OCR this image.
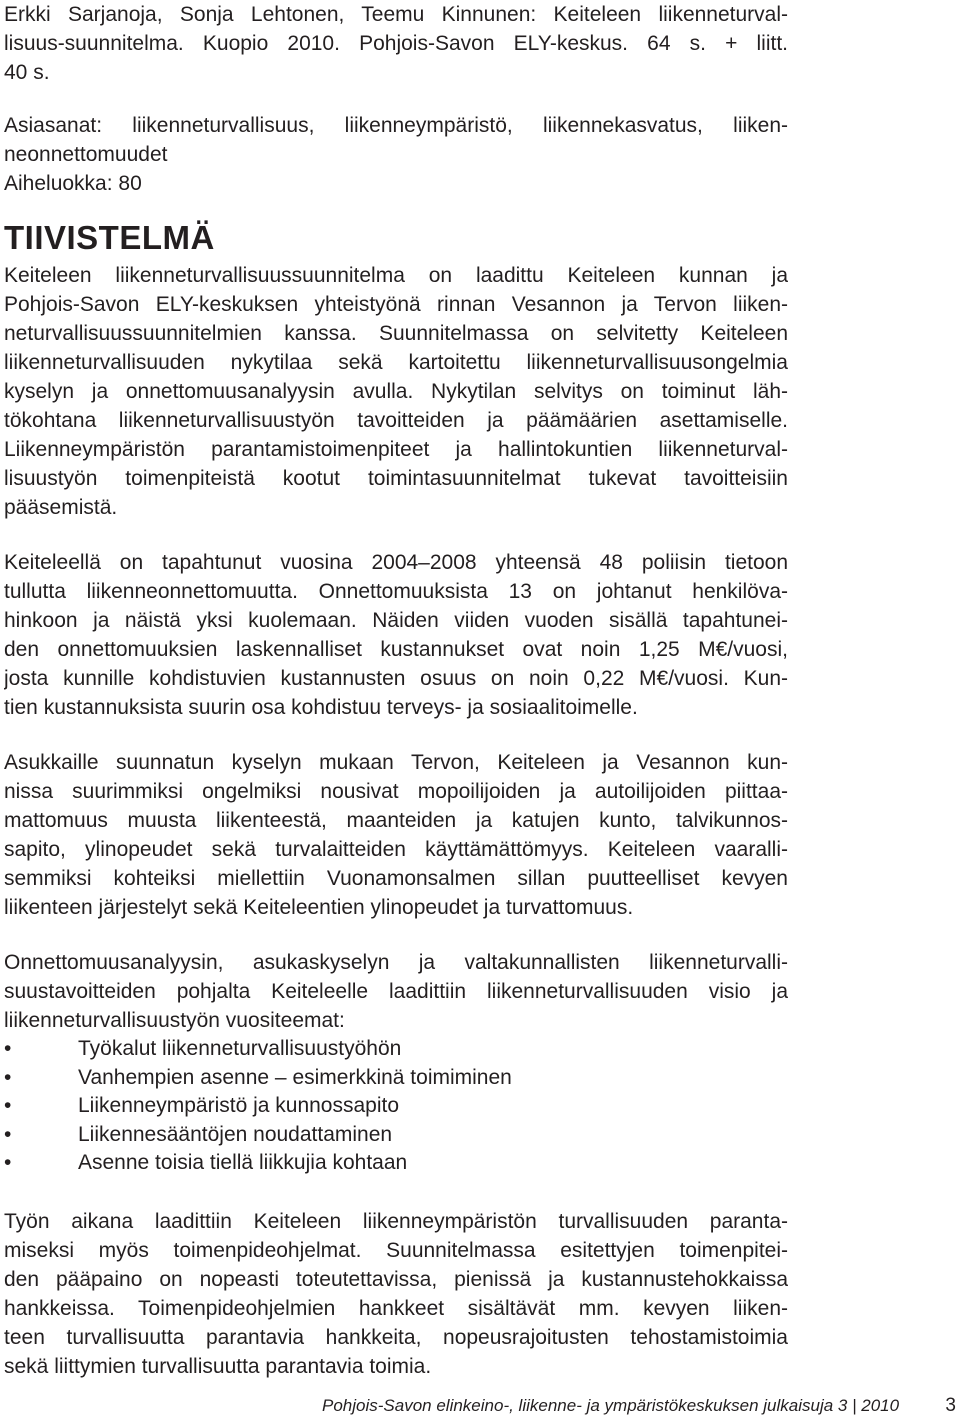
Erkki Sarjanoja, Sonja Lehtonen, Teemu Kinnunen: Keiteleen liikenneturval-
lisuus-suunnitelma. Kuopio 2010. Pohjois-Savon ELY-keskus. 64 s. + liitt.
40 s.
Asiasanat: liikenneturvallisuus, liikenneympäristö, liikennekasvatus, liiken-
neonnettomuudet
Aiheluokka: 80
TIIVISTELMÄ
Keiteleen liikenneturvallisuussuunnitelma on laadittu Keiteleen kunnan ja
Pohjois-Savon ELY-keskuksen yhteistyönä rinnan Vesannon ja Tervon liiken-
neturvallisuussuunnitelmien kanssa. Suunnitelmassa on selvitetty Keiteleen
liikenneturvallisuuden nykytilaa sekä kartoitettu liikenneturvallisuusongelmia
kyselyn ja onnettomuusanalyysin avulla. Nykytilan selvitys on toiminut läh-
tökohtana liikenneturvallisuustyön tavoitteiden ja päämäärien asettamiselle.
Liikenneympäristön parantamistoimenpiteet ja hallintokuntien liikenneturval-
lisuustyön toimenpiteistä kootut toimintasuunnitelmat tukevat tavoitteisiin
pääsemistä.
Keiteleellä on tapahtunut vuosina 2004–2008 yhteensä 48 poliisin tietoon
tullutta liikenneonnettomuutta. Onnettomuuksista 13 on johtanut henkilöva-
hinkoon ja näistä yksi kuolemaan. Näiden viiden vuoden sisällä tapahtunei-
den onnettomuuksien laskennalliset kustannukset ovat noin 1,25 M€/vuosi,
josta kunnille kohdistuvien kustannusten osuus on noin 0,22 M€/vuosi. Kun-
tien kustannuksista suurin osa kohdistuu terveys- ja sosiaalitoimelle.
Asukkaille suunnatun kyselyn mukaan Tervon, Keiteleen ja Vesannon kun-
nissa suurimmiksi ongelmiksi nousivat mopoilijoiden ja autoilijoiden piittaa-
mattomuus muusta liikenteestä, maanteiden ja katujen kunto, talvikunnos-
sapito, ylinopeudet sekä turvalaitteiden käyttämättömyys. Keiteleen vaaralli-
semmiksi kohteiksi miellettiin Vuonamonsalmen sillan puutteelliset kevyen
liikenteen järjestelyt sekä Keiteleentien ylinopeudet ja turvattomuus.
Onnettomuusanalyysin, asukaskyselyn ja valtakunnallisten liikenneturvalli-
suustavoitteiden pohjalta Keiteleelle laadittiin liikenneturvallisuuden visio ja
liikenneturvallisuustyön vuositeemat:
•	Työkalut liikenneturvallisuustyöhön
•	Vanhempien asenne – esimerkkinä toimiminen
•	Liikenneympäristö ja kunnossapito
•	Liikennesääntöjen noudattaminen
•	Asenne toisia tiellä liikkujia kohtaan
Työn aikana laadittiin Keiteleen liikenneympäristön turvallisuuden paranta-
miseksi myös toimenpideohjelmat. Suunnitelmassa esitettyjen toimenpitei-
den pääpaino on nopeasti toteutettavissa, pienissä ja kustannustehokkaissa
hankkeissa. Toimenpideohjelmien hankkeet sisältävät mm. kevyen liiken-
teen turvallisuutta parantavia hankkeita, nopeusrajoitusten tehostamistoimia
sekä liittymien turvallisuutta parantavia toimia.
Pohjois-Savon elinkeino-, liikenne- ja ympäristökeskuksen julkaisuja 3 | 2010 3
